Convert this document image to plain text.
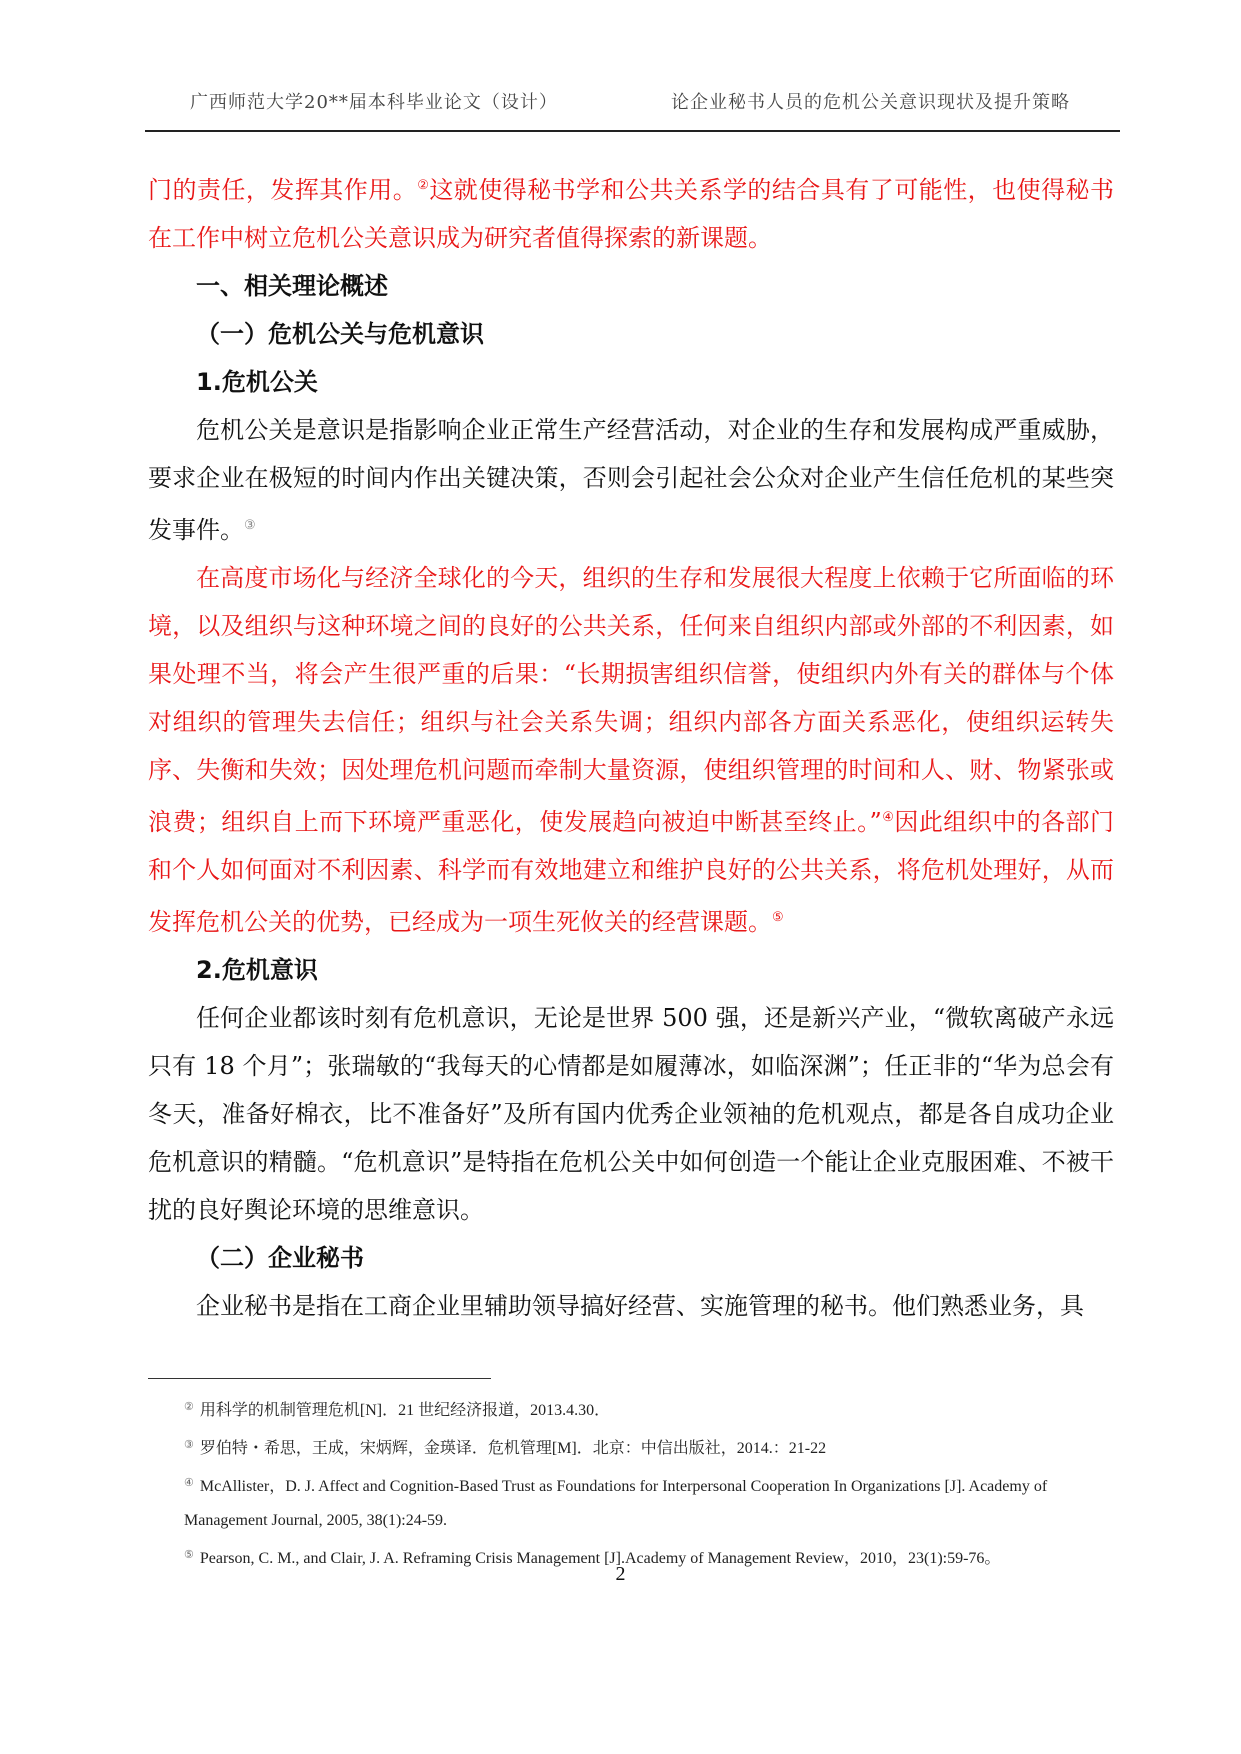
广西师范大学20**届本科毕业论文（设计）	论企业秘书人员的危机公关意识现状及提升策略

门的责任，发挥其作用。②这就使得秘书学和公共关系学的结合具有了可能性，也使得秘书在工作中树立危机公关意识成为研究者值得探索的新课题。

一、相关理论概述
（一）危机公关与危机意识
1.危机公关

危机公关是意识是指影响企业正常生产经营活动，对企业的生存和发展构成严重威胁，要求企业在极短的时间内作出关键决策，否则会引起社会公众对企业产生信任危机的某些突发事件。③

在高度市场化与经济全球化的今天，组织的生存和发展很大程度上依赖于它所面临的环境，以及组织与这种环境之间的良好的公共关系，任何来自组织内部或外部的不利因素，如果处理不当，将会产生很严重的后果：“长期损害组织信誉，使组织内外有关的群体与个体对组织的管理失去信任；组织与社会关系失调；组织内部各方面关系恶化，使组织运转失序、失衡和失效；因处理危机问题而牵制大量资源，使组织管理的时间和人、财、物紧张或浪费；组织自上而下环境严重恶化，使发展趋向被迫中断甚至终止。”④因此组织中的各部门和个人如何面对不利因素、科学而有效地建立和维护良好的公共关系，将危机处理好，从而发挥危机公关的优势，已经成为一项生死攸关的经营课题。⑤

2.危机意识

任何企业都该时刻有危机意识，无论是世界 500 强，还是新兴产业，“微软离破产永远只有 18 个月”；张瑞敏的“我每天的心情都是如履薄冰，如临深渊”；任正非的“华为总会有冬天，准备好棉衣，比不准备好”及所有国内优秀企业领袖的危机观点，都是各自成功企业危机意识的精髓。“危机意识”是特指在危机公关中如何创造一个能让企业克服困难、不被干扰的良好舆论环境的思维意识。

（二）企业秘书

企业秘书是指在工商企业里辅助领导搞好经营、实施管理的秘书。他们熟悉业务，具

② 用科学的机制管理危机[N]．21 世纪经济报道，2013.4.30．

③ 罗伯特・希思，王成，宋炳辉，金瑛译．危机管理[M]．北京：中信出版社，2014.：21-22

④ McAllister，D. J. Affect and Cognition-Based Trust as Foundations for Interpersonal Cooperation In Organizations [J]. Academy of Management Journal, 2005, 38(1):24-59.

⑤ Pearson, C. M., and Clair, J. A. Reframing Crisis Management [J].Academy of Management Review，2010，23(1):59-76。

2
